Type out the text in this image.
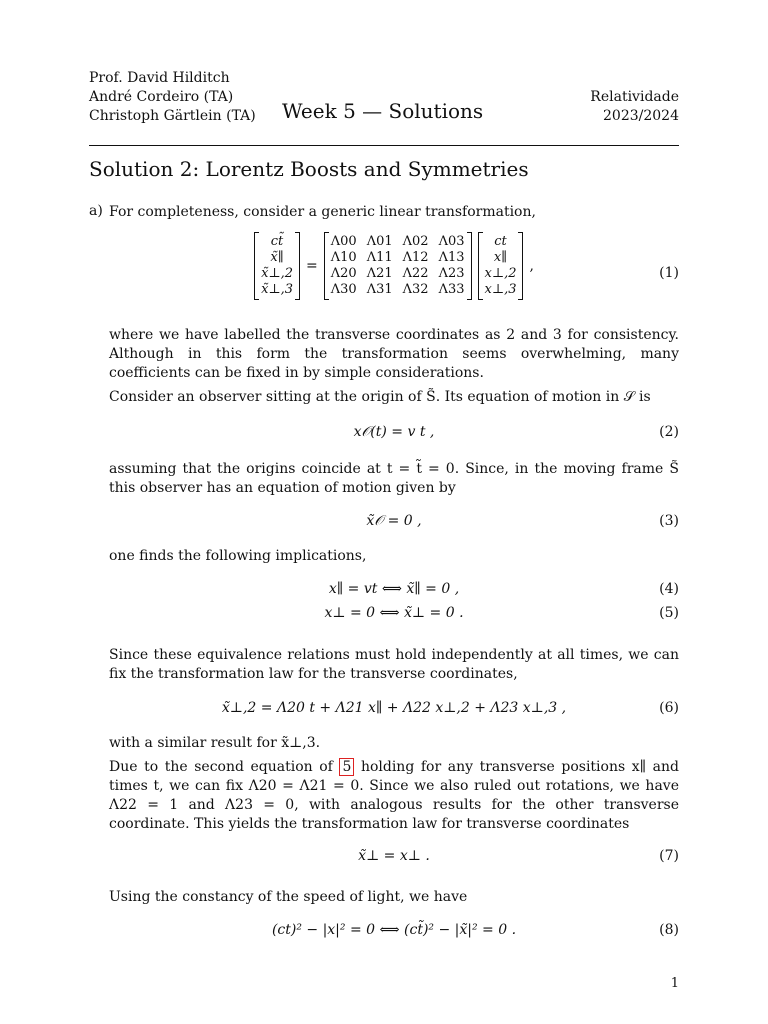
Prof. David Hilditch
André Cordeiro (TA)
Christoph Gärtlein (TA) Week 5 — Solutions
Relatividade
2023/2024
Solution 2: Lorentz Boosts and Symmetries
a) For completeness, consider a generic linear transformation,
ct̃
x̃∥
x̃⊥,2
x̃⊥,3
=
Λ00 Λ01 Λ02 Λ03
Λ10 Λ11 Λ12 Λ13
Λ20 Λ21 Λ22 Λ23
Λ30 Λ31 Λ32 Λ33
ct
x∥
x⊥,2
x⊥,3
,	(1)
where we have labelled the transverse coordinates as 2 and 3 for consistency. Although in this form the transformation seems overwhelming, many coefficients can be fixed in by simple considerations.
Consider an observer sitting at the origin of S̃. Its equation of motion in 𝒮 is
x𝒪(t) = v t ,	(2)
assuming that the origins coincide at t = t̃ = 0. Since, in the moving frame S̃ this observer has an equation of motion given by
x̃𝒪 = 0 ,	(3)
one finds the following implications,
x∥ = vt ⟺ x̃∥ = 0 ,	(4)
x⊥ = 0 ⟺ x̃⊥ = 0 .	(5)
Since these equivalence relations must hold independently at all times, we can fix the transformation law for the transverse coordinates,
x̃⊥,2 = Λ20 t + Λ21 x∥ + Λ22 x⊥,2 + Λ23 x⊥,3 ,	(6)
with a similar result for x̃⊥,3.
Due to the second equation of 5 holding for any transverse positions x∥ and times t, we can fix Λ20 = Λ21 = 0. Since we also ruled out rotations, we have Λ22 = 1 and Λ23 = 0, with analogous results for the other transverse coordinate. This yields the transformation law for transverse coordinates
x̃⊥ = x⊥ .	(7)
Using the constancy of the speed of light, we have
(ct)² − |x|² = 0 ⟺ (ct̃)² − |x̃|² = 0 .	(8)
1
